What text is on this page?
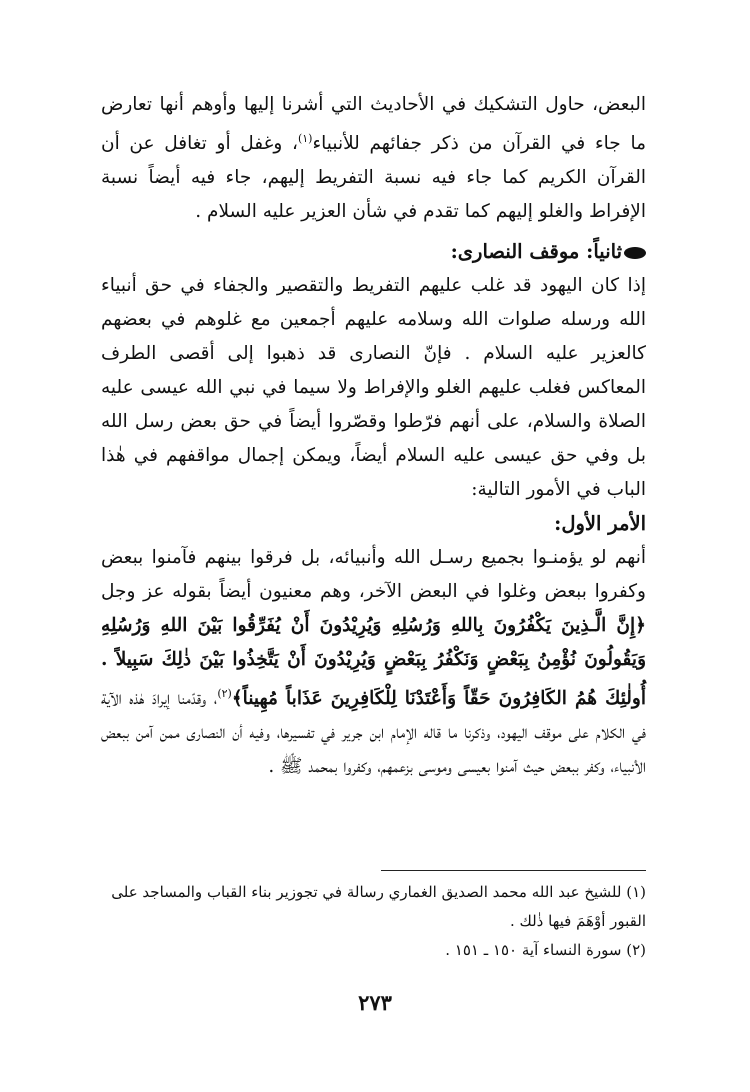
البعض، حاول التشكيك في الأحاديث التي أشرنا إليها وأوهم أنها تعارض ما جاء في القرآن من ذكر جفائهم للأنبياء$^{(١)}$، وغفل أو تغافل عن أن القرآن الكريم كما جاء فيه نسبة التفريط إليهم، جاء فيه أيضاً نسبة الإفراط والغلو إليهم كما تقدم في شأن العزير عليه السلام .

ثانياً: موقف النصارى:

إذا كان اليهود قد غلب عليهم التفريط والتقصير والجفاء في حق أنبياء الله ورسله صلوات الله وسلامه عليهم أجمعين مع غلوهم في بعضهم كالعزير عليه السلام . فإنّ النصارى قد ذهبوا إلى أقصى الطرف المعاكس فغلب عليهم الغلو والإفراط ولا سيما في نبي الله عيسى عليه الصلاة والسلام، على أنهم فرّطوا وقصّروا أيضاً في حق بعض رسل الله بل وفي حق عيسى عليه السلام أيضاً، ويمكن إجمال مواقفهم في هٰذا الباب في الأمور التالية:

الأمر الأول:

أنهم لو يؤمنـوا بجميع رسـل الله وأنبيائه، بل فرقوا بينهم فآمنوا ببعض وكفروا ببعض وغلوا في البعض الآخر، وهم معنيون أيضاً بقوله عز وجل ﴿إِنَّ الَّـذِينَ يَكْفُرُونَ بِاللهِ وَرُسُلِهِ وَيُرِيْدُونَ أَنْ يُفَرِّقُوا بَيْنَ اللهِ وَرُسُلِهِ وَيَقُولُونَ نُؤْمِنُ بِبَعْضٍ وَنَكْفُرُ بِبَعْضٍ وَيُرِيْدُونَ أَنْ يَتَّخِذُوا بَيْنَ ذٰلِكَ سَبِيلاً . أُولٰئِكَ هُمُ الكَافِرُونَ حَقّاً وَأَعْتَدْنَا لِلْكَافِرِينَ عَذَاباً مُهِيناً﴾$^{(٢)}$، وقدّمنا إيرادَ هٰذه الآية في الكلام على موقف اليهود، وذكرنا ما قاله الإمام ابن جرير في تفسيرها، وفيه أن النصارى ممن آمن ببعض الأنبياء، وكفر ببعض حيث آمنوا بعيسى وموسى بزعمهم، وكفروا بمحمد ﷺ .

(١) للشيخ عبد الله محمد الصديق الغماري رسالة في تجوزير بناء القباب والمساجد على القبور أوْهَمَ فيها ذٰلك .

(٢) سورة النساء آية ١٥٠ ـ ١٥١ .

٢٧٣
